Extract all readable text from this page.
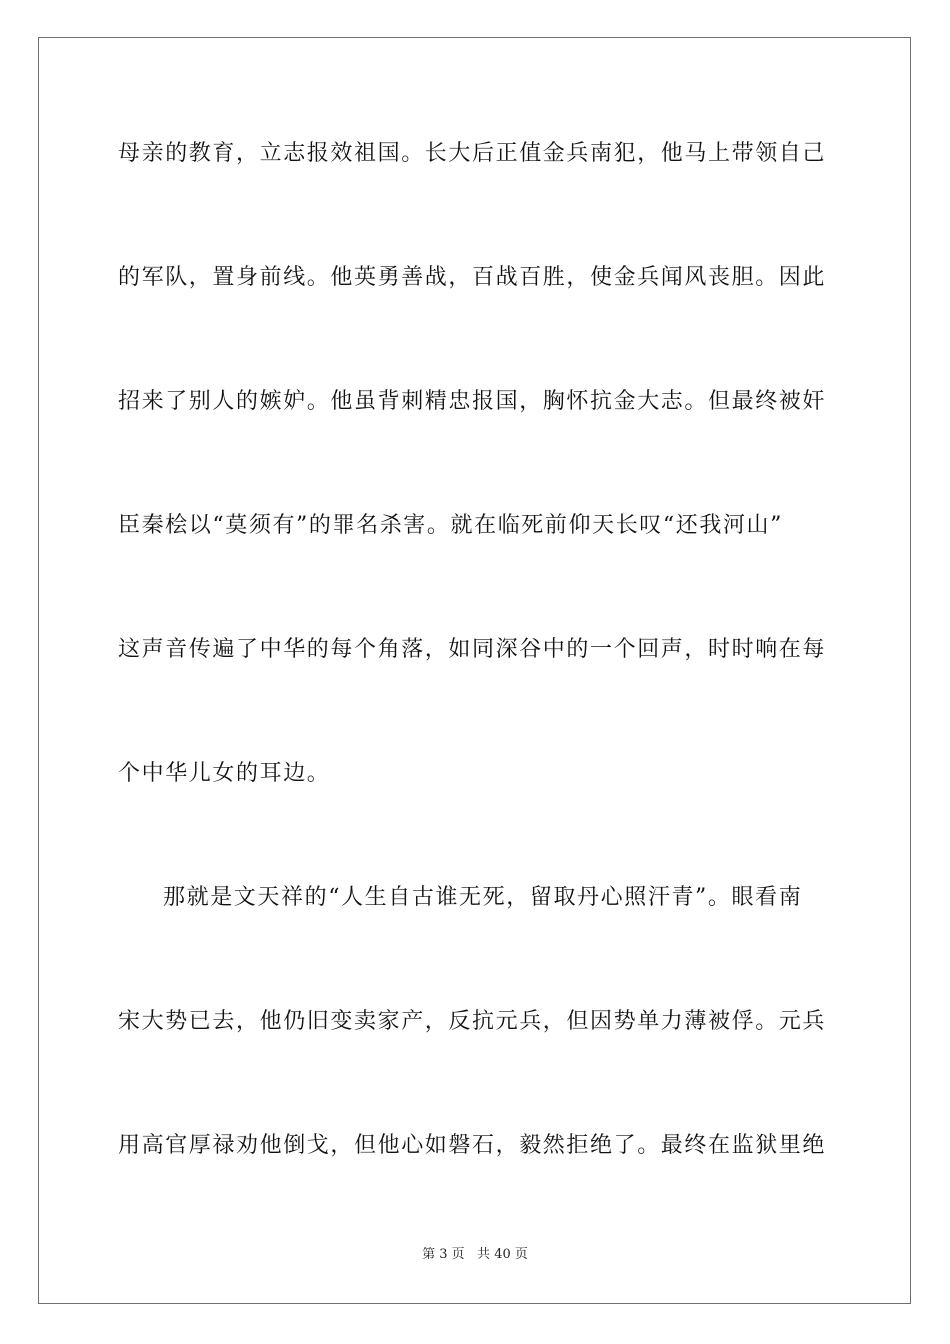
母亲的教育，立志报效祖国。长大后正值金兵南犯，他马上带领自己
的军队，置身前线。他英勇善战，百战百胜，使金兵闻风丧胆。因此
招来了别人的嫉妒。他虽背刺精忠报国，胸怀抗金大志。但最终被奸
臣秦桧以“莫须有”的罪名杀害。就在临死前仰天长叹“还我河山”
这声音传遍了中华的每个角落，如同深谷中的一个回声，时时响在每
个中华儿女的耳边。
那就是文天祥的“人生自古谁无死，留取丹心照汗青”。眼看南
宋大势已去，他仍旧变卖家产，反抗元兵，但因势单力薄被俘。元兵
用高官厚禄劝他倒戈，但他心如磐石，毅然拒绝了。最终在监狱里绝
第 3 页   共 40 页
